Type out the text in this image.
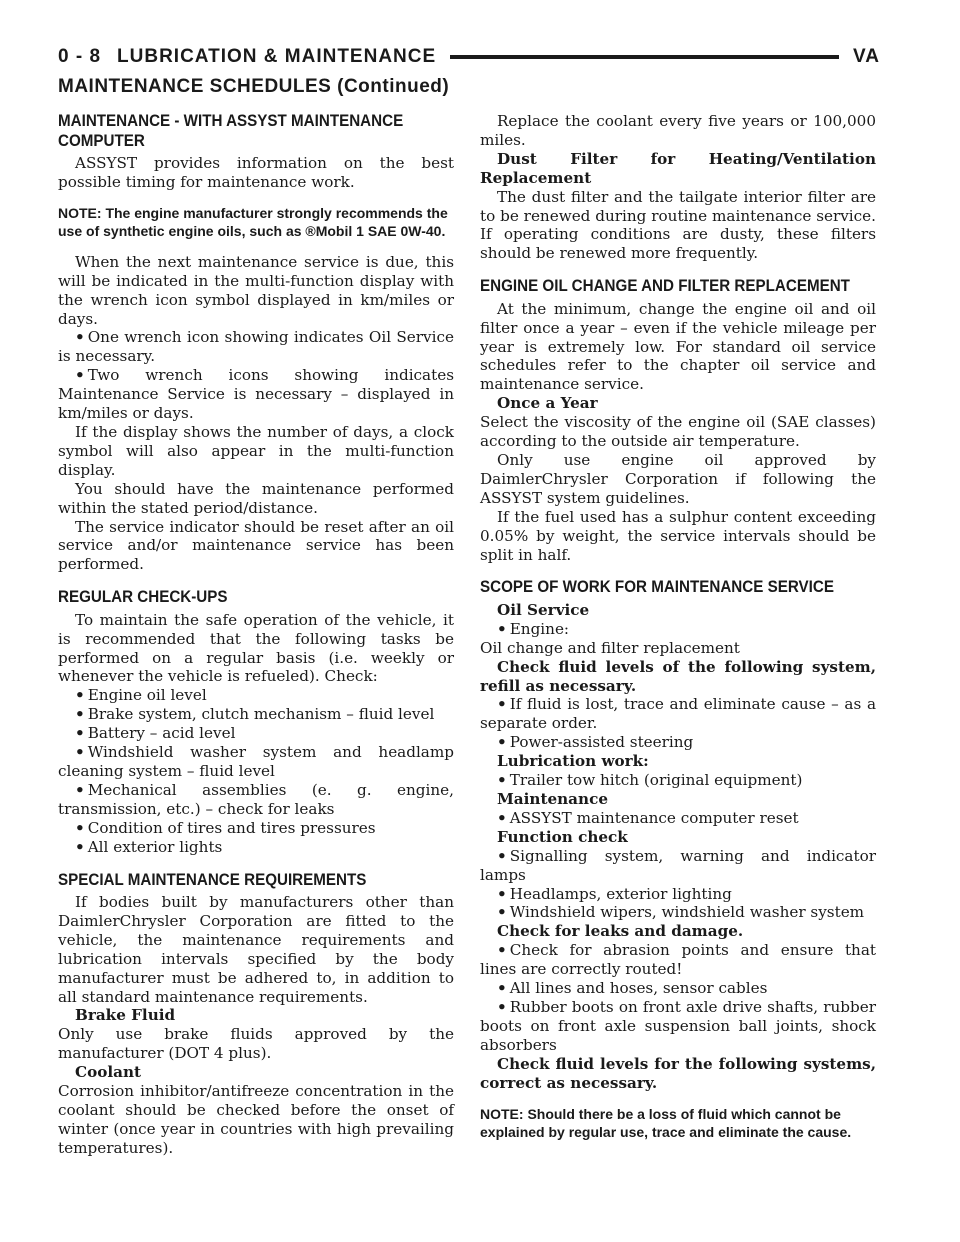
0 - 8 LUBRICATION & MAINTENANCE	VA
MAINTENANCE SCHEDULES (Continued)
MAINTENANCE - WITH ASSYST MAINTENANCE COMPUTER

ASSYST provides information on the best possible timing for maintenance work.

NOTE: The engine manufacturer strongly recommends the use of synthetic engine oils, such as ®Mobil 1 SAE 0W-40.

When the next maintenance service is due, this will be indicated in the multi-function display with the wrench icon symbol displayed in km/miles or days.

• One wrench icon showing indicates Oil Service is necessary.

• Two wrench icons showing indicates Maintenance Service is necessary – displayed in km/miles or days.

If the display shows the number of days, a clock symbol will also appear in the multi-function display.

You should have the maintenance performed within the stated period/distance.

The service indicator should be reset after an oil service and/or maintenance service has been performed.

REGULAR CHECK-UPS

To maintain the safe operation of the vehicle, it is recommended that the following tasks be performed on a regular basis (i.e. weekly or whenever the vehicle is refueled). Check:

• Engine oil level

• Brake system, clutch mechanism – fluid level

• Battery – acid level

• Windshield washer system and headlamp cleaning system – fluid level

• Mechanical assemblies (e. g. engine, transmission, etc.) – check for leaks

• Condition of tires and tires pressures

• All exterior lights

SPECIAL MAINTENANCE REQUIREMENTS

If bodies built by manufacturers other than DaimlerChrysler Corporation are fitted to the vehicle, the maintenance requirements and lubrication intervals specified by the body manufacturer must be adhered to, in addition to all standard maintenance requirements.

Brake Fluid

Only use brake fluids approved by the manufacturer (DOT 4 plus).

Coolant

Corrosion inhibitor/antifreeze concentration in the coolant should be checked before the onset of winter (once year in countries with high prevailing temperatures).

Replace the coolant every five years or 100,000 miles.

Dust Filter for Heating/Ventilation Replacement

The dust filter and the tailgate interior filter are to be renewed during routine maintenance service. If operating conditions are dusty, these filters should be renewed more frequently.

ENGINE OIL CHANGE AND FILTER REPLACEMENT

At the minimum, change the engine oil and oil filter once a year – even if the vehicle mileage per year is extremely low. For standard oil service schedules refer to the chapter oil service and maintenance service.

Once a Year

Select the viscosity of the engine oil (SAE classes) according to the outside air temperature.

Only use engine oil approved by DaimlerChrysler Corporation if following the ASSYST system guidelines.

If the fuel used has a sulphur content exceeding 0.05% by weight, the service intervals should be split in half.

SCOPE OF WORK FOR MAINTENANCE SERVICE

Oil Service

• Engine:

Oil change and filter replacement

Check fluid levels of the following system, refill as necessary.

• If fluid is lost, trace and eliminate cause – as a separate order.

• Power-assisted steering

Lubrication work:

• Trailer tow hitch (original equipment)

Maintenance

• ASSYST maintenance computer reset

Function check

• Signalling system, warning and indicator lamps

• Headlamps, exterior lighting

• Windshield wipers, windshield washer system

Check for leaks and damage.

• Check for abrasion points and ensure that lines are correctly routed!

• All lines and hoses, sensor cables

• Rubber boots on front axle drive shafts, rubber boots on front axle suspension ball joints, shock absorbers

Check fluid levels for the following systems, correct as necessary.

NOTE: Should there be a loss of fluid which cannot be explained by regular use, trace and eliminate the cause.
